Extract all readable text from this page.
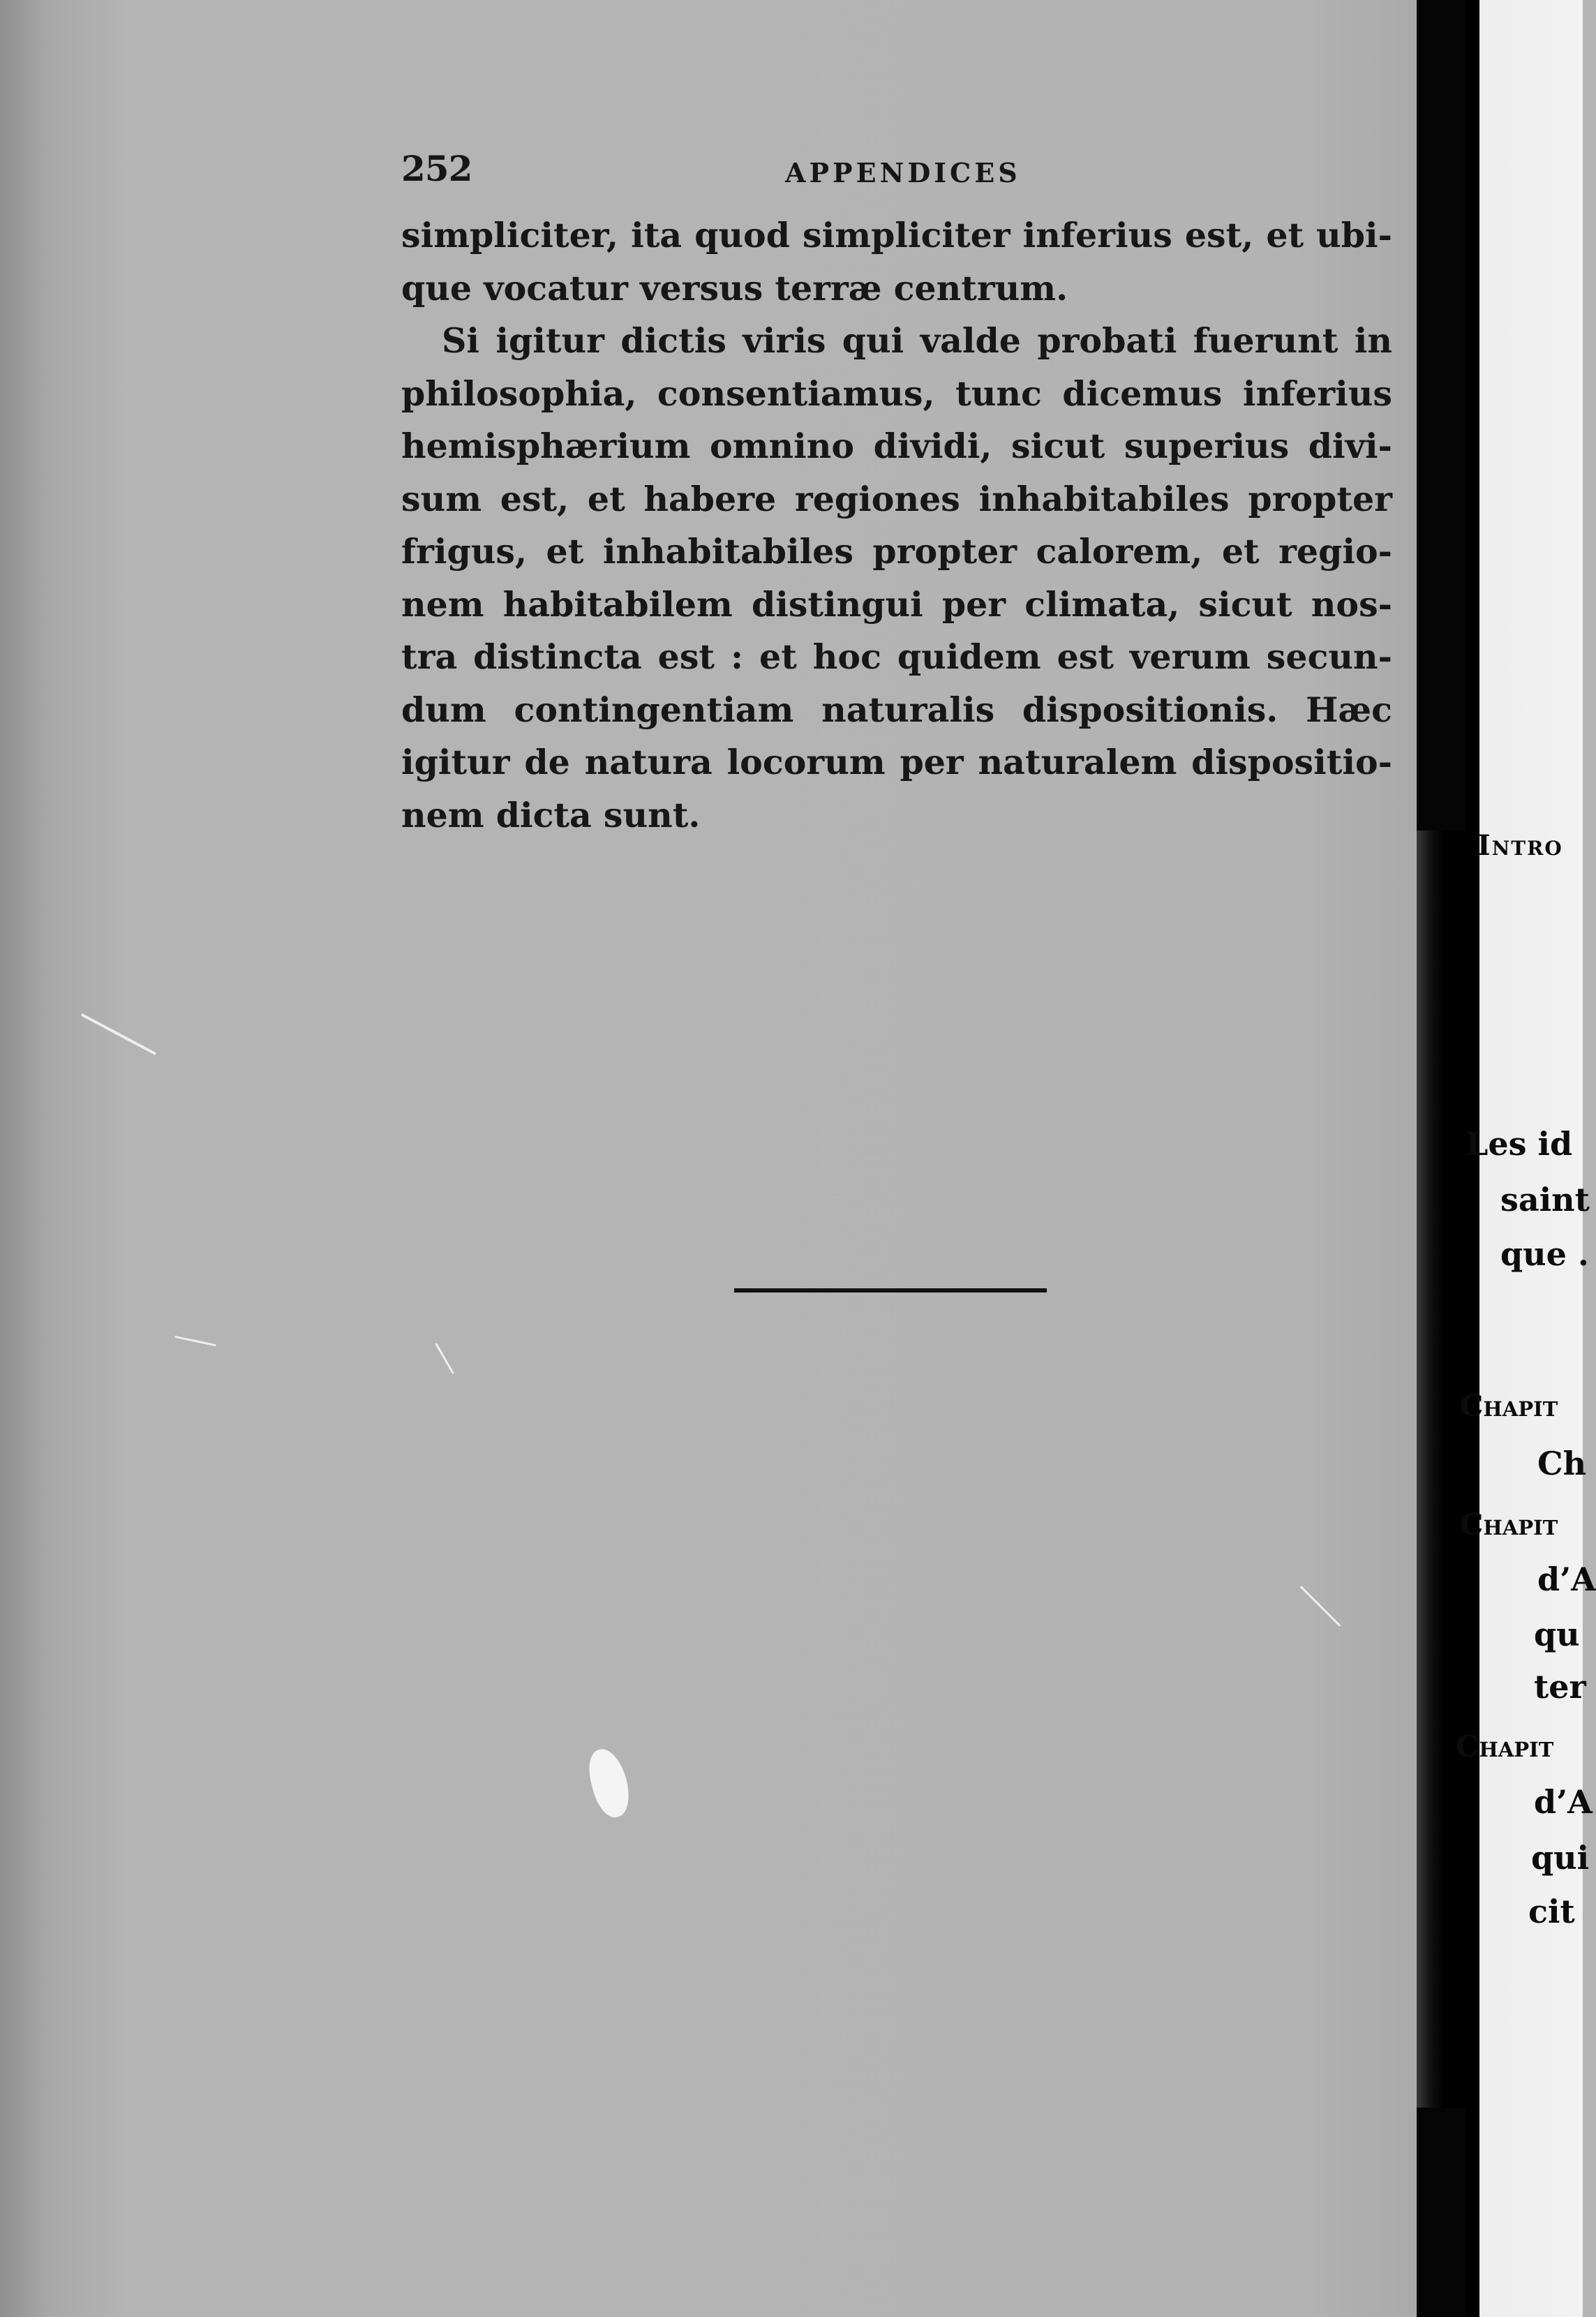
252	APPENDICES
simpliciter, ita quod simpliciter inferius est, et ubi-
que vocatur versus terræ centrum.
Si igitur dictis viris qui valde probati fuerunt in
philosophia, consentiamus, tunc dicemus inferius
hemisphærium omnino dividi, sicut superius divi-
sum est, et habere regiones inhabitabiles propter
frigus, et inhabitabiles propter calorem, et regio-
nem habitabilem distingui per climata, sicut nos-
tra distincta est : et hoc quidem est verum secun-
dum contingentiam naturalis dispositionis. Hæc
igitur de natura locorum per naturalem dispositio-
nem dicta sunt.
Intro
Les id
saint
que .
Chapit
Ch
Chapit
d’A
qu
ter
Chapit
d’A
qui
cit
